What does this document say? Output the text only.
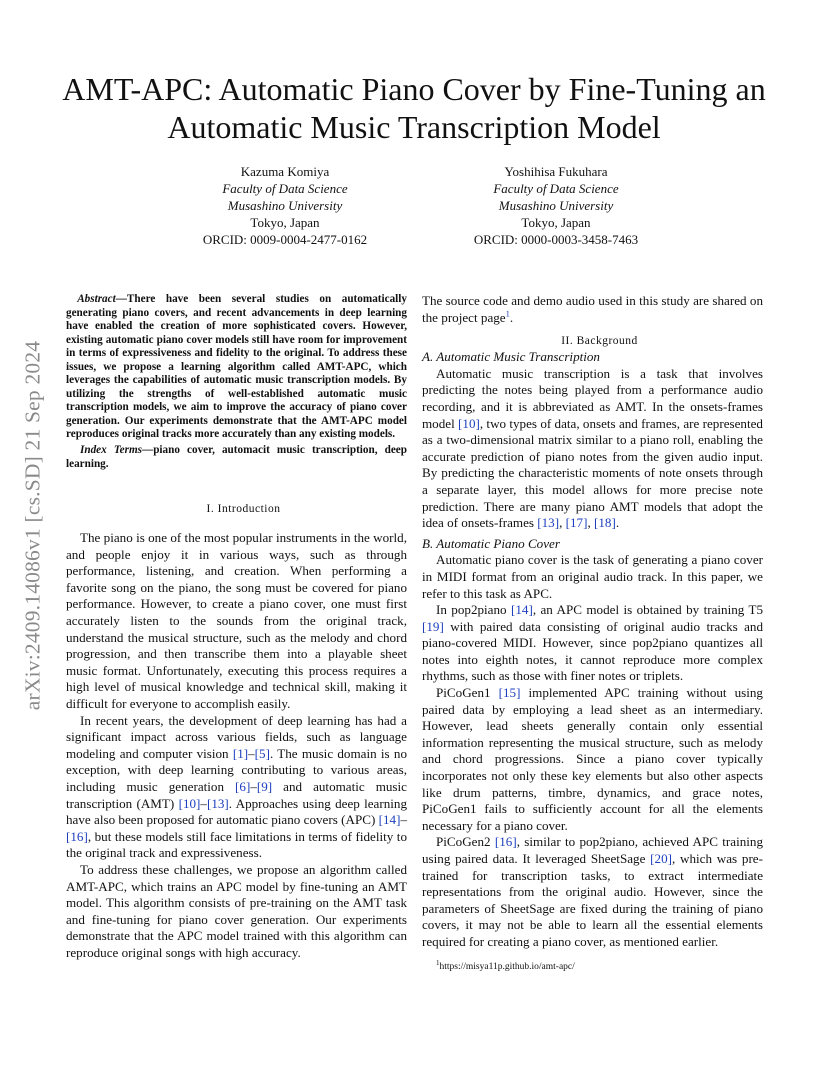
arXiv:2409.14086v1 [cs.SD] 21 Sep 2024
AMT-APC: Automatic Piano Cover by Fine-Tuning an Automatic Music Transcription Model
Kazuma Komiya
Faculty of Data Science
Musashino University
Tokyo, Japan
ORCID: 0009-0004-2477-0162
Yoshihisa Fukuhara
Faculty of Data Science
Musashino University
Tokyo, Japan
ORCID: 0000-0003-3458-7463

 Abstract—There have been several studies on automatically generating piano covers, and recent advancements in deep learning have enabled the creation of more sophisticated covers. However, existing automatic piano cover models still have room for improvement in terms of expressiveness and fidelity to the original. To address these issues, we propose a learning algorithm called AMT-APC, which leverages the capabilities of automatic music transcription models. By utilizing the strengths of well-established automatic music transcription models, we aim to improve the accuracy of piano cover generation. Our experiments demonstrate that the AMT-APC model reproduces original tracks more accurately than any existing models.

Index Terms—piano cover, automacit music transcription, deep learning.

I. Introduction

The piano is one of the most popular instruments in the world, and people enjoy it in various ways, such as through performance, listening, and creation. When performing a favorite song on the piano, the song must be covered for piano performance. However, to create a piano cover, one must first accurately listen to the sounds from the original track, understand the musical structure, such as the melody and chord progression, and then transcribe them into a playable sheet music format. Unfortunately, executing this process requires a high level of musical knowledge and technical skill, making it difficult for everyone to accomplish easily.

In recent years, the development of deep learning has had a significant impact across various fields, such as language modeling and computer vision [1]–[5]. The music domain is no exception, with deep learning contributing to various areas, including music generation [6]–[9] and automatic music transcription (AMT) [10]–[13]. Approaches using deep learning have also been proposed for automatic piano covers (APC) [14]–[16], but these models still face limitations in terms of fidelity to the original track and expressiveness.

To address these challenges, we propose an algorithm called AMT-APC, which trains an APC model by fine-tuning an AMT model. This algorithm consists of pre-training on the AMT task and fine-tuning for piano cover generation. Our experiments demonstrate that the APC model trained with this algorithm can reproduce original songs with high accuracy.

The source code and demo audio used in this study are shared on the project page$^1$.

II. Background

A. Automatic Music Transcription

Automatic music transcription is a task that involves predicting the notes being played from a performance audio recording, and it is abbreviated as AMT. In the onsets-frames model [10], two types of data, onsets and frames, are represented as a two-dimensional matrix similar to a piano roll, enabling the accurate prediction of piano notes from the given audio input. By predicting the characteristic moments of note onsets through a separate layer, this model allows for more precise note prediction. There are many piano AMT models that adopt the idea of onsets-frames [13], [17], [18].

B. Automatic Piano Cover

Automatic piano cover is the task of generating a piano cover in MIDI format from an original audio track. In this paper, we refer to this task as APC.

In pop2piano [14], an APC model is obtained by training T5 [19] with paired data consisting of original audio tracks and piano-covered MIDI. However, since pop2piano quantizes all notes into eighth notes, it cannot reproduce more complex rhythms, such as those with finer notes or triplets.

PiCoGen1 [15] implemented APC training without using paired data by employing a lead sheet as an intermediary. However, lead sheets generally contain only essential information representing the musical structure, such as melody and chord progressions. Since a piano cover typically incorporates not only these key elements but also other aspects like drum patterns, timbre, dynamics, and grace notes, PiCoGen1 fails to sufficiently account for all the elements necessary for a piano cover.

PiCoGen2 [16], similar to pop2piano, achieved APC training using paired data. It leveraged SheetSage [20], which was pre-trained for transcription tasks, to extract intermediate representations from the original audio. However, since the parameters of SheetSage are fixed during the training of piano covers, it may not be able to learn all the essential elements required for creating a piano cover, as mentioned earlier.

$^1$https://misya11p.github.io/amt-apc/
